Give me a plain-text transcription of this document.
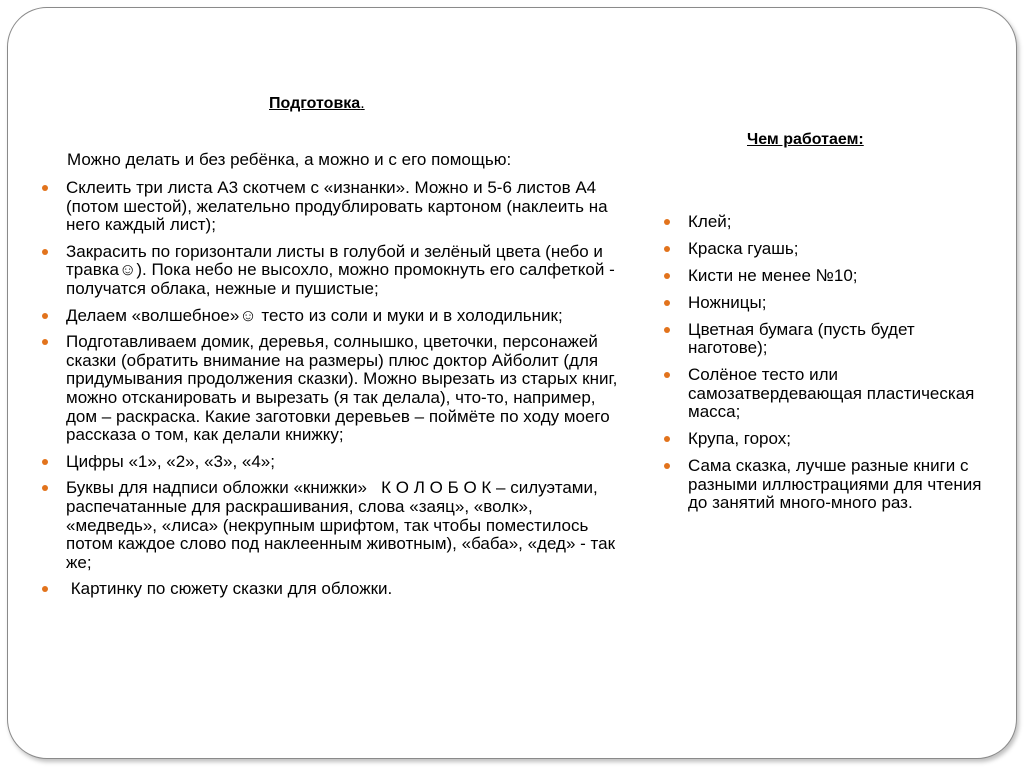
Подготовка.
Можно делать и без ребёнка, а можно и с его помощью:
Склеить три листа А3 скотчем с «изнанки». Можно и 5-6 листов А4 (потом шестой), желательно продублировать картоном (наклеить на него каждый лист);
Закрасить по горизонтали листы в голубой и зелёный цвета (небо и травка☺). Пока небо не высохло, можно промокнуть его салфеткой - получатся облака, нежные и пушистые;
Делаем «волшебное»☺ тесто из соли и муки и в холодильник;
Подготавливаем домик, деревья, солнышко, цветочки, персонажей сказки (обратить внимание на размеры) плюс доктор Айболит (для придумывания продолжения сказки). Можно вырезать из старых книг, можно отсканировать и вырезать (я так делала), что-то, например, дом – раскраска. Какие заготовки деревьев – поймёте по ходу моего рассказа о том, как делали книжку;
Цифры «1», «2», «3», «4»;
Буквы для надписи обложки «книжки»   К О Л О Б О К – силуэтами, распечатанные для раскрашивания, слова «заяц», «волк», «медведь», «лиса» (некрупным шрифтом, так чтобы поместилось потом каждое слово под наклеенным животным), «баба», «дед» - так же;
Картинку по сюжету сказки для обложки.
Чем работаем:
Клей;
Краска гуашь;
Кисти не менее №10;
Ножницы;
Цветная бумага (пусть будет наготове);
Солёное тесто или самозатвердевающая пластическая масса;
Крупа, горох;
Сама сказка, лучше разные книги с разными иллюстрациями для чтения до занятий много-много раз.
